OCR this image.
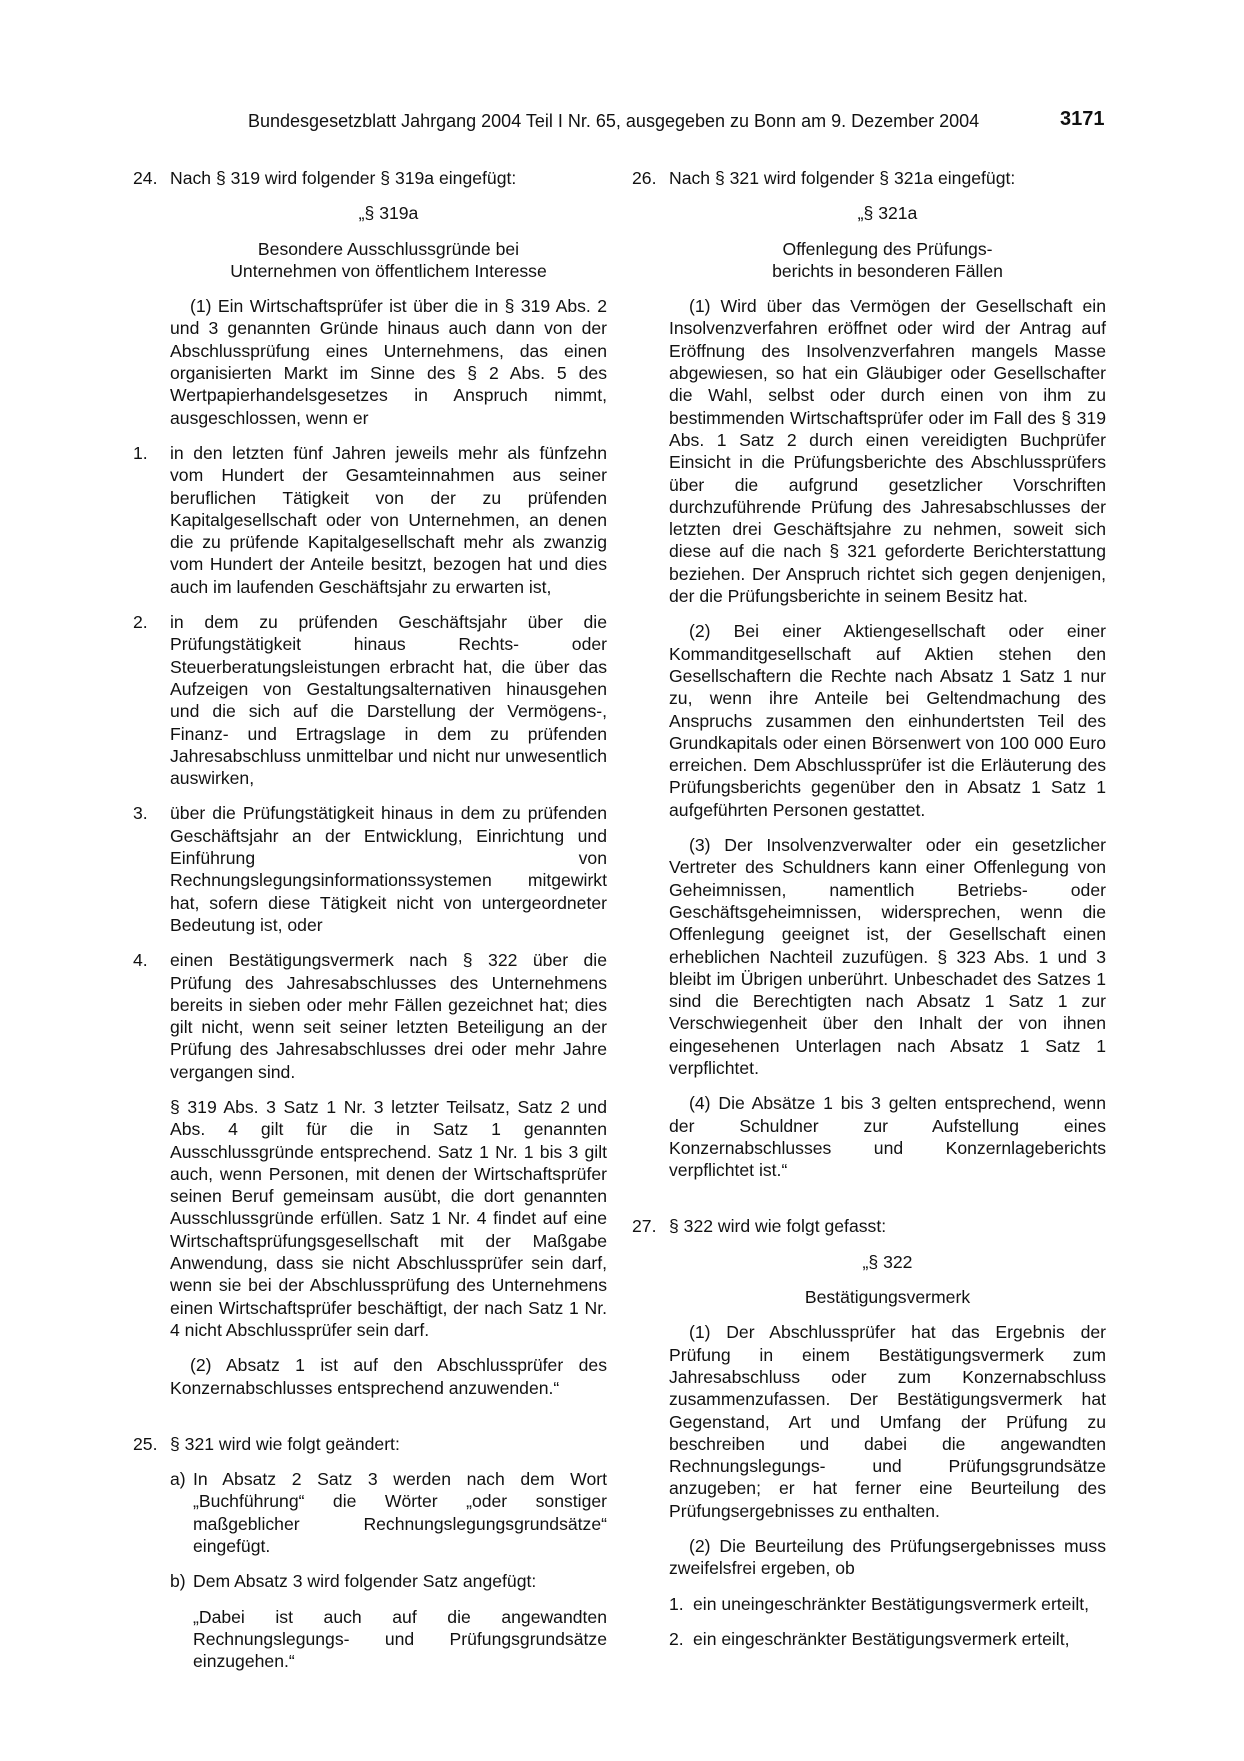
Bundesgesetzblatt Jahrgang 2004 Teil I Nr. 65, ausgegeben zu Bonn am 9. Dezember 2004	3171
24. Nach § 319 wird folgender § 319a eingefügt:

„§ 319a

Besondere Ausschlussgründe bei

Unternehmen von öffentlichem Interesse

(1) Ein Wirtschaftsprüfer ist über die in § 319 Abs. 2 und 3 genannten Gründe hinaus auch dann von der Abschlussprüfung eines Unternehmens, das einen organisierten Markt im Sinne des § 2 Abs. 5 des Wertpapierhandelsgesetzes in Anspruch nimmt, ausgeschlossen, wenn er

1. in den letzten fünf Jahren jeweils mehr als fünfzehn vom Hundert der Gesamteinnahmen aus seiner beruflichen Tätigkeit von der zu prüfenden Kapitalgesellschaft oder von Unternehmen, an denen die zu prüfende Kapitalgesellschaft mehr als zwanzig vom Hundert der Anteile besitzt, bezogen hat und dies auch im laufenden Geschäftsjahr zu erwarten ist,

2. in dem zu prüfenden Geschäftsjahr über die Prüfungstätigkeit hinaus Rechts- oder Steuerberatungsleistungen erbracht hat, die über das Aufzeigen von Gestaltungsalternativen hinausgehen und die sich auf die Darstellung der Vermögens-, Finanz- und Ertragslage in dem zu prüfenden Jahresabschluss unmittelbar und nicht nur unwesentlich auswirken,

3. über die Prüfungstätigkeit hinaus in dem zu prüfenden Geschäftsjahr an der Entwicklung, Einrichtung und Einführung von Rechnungslegungsinformationssystemen mitgewirkt hat, sofern diese Tätigkeit nicht von untergeordneter Bedeutung ist, oder

4. einen Bestätigungsvermerk nach § 322 über die Prüfung des Jahresabschlusses des Unternehmens bereits in sieben oder mehr Fällen gezeichnet hat; dies gilt nicht, wenn seit seiner letzten Beteiligung an der Prüfung des Jahresabschlusses drei oder mehr Jahre vergangen sind.

§ 319 Abs. 3 Satz 1 Nr. 3 letzter Teilsatz, Satz 2 und Abs. 4 gilt für die in Satz 1 genannten Ausschlussgründe entsprechend. Satz 1 Nr. 1 bis 3 gilt auch, wenn Personen, mit denen der Wirtschaftsprüfer seinen Beruf gemeinsam ausübt, die dort genannten Ausschlussgründe erfüllen. Satz 1 Nr. 4 findet auf eine Wirtschaftsprüfungsgesellschaft mit der Maßgabe Anwendung, dass sie nicht Abschlussprüfer sein darf, wenn sie bei der Abschlussprüfung des Unternehmens einen Wirtschaftsprüfer beschäftigt, der nach Satz 1 Nr. 4 nicht Abschlussprüfer sein darf.

(2) Absatz 1 ist auf den Abschlussprüfer des Konzernabschlusses entsprechend anzuwenden.“

25. § 321 wird wie folgt geändert:

a) In Absatz 2 Satz 3 werden nach dem Wort „Buchführung“ die Wörter „oder sonstiger maßgeblicher Rechnungslegungsgrundsätze“ eingefügt.

b) Dem Absatz 3 wird folgender Satz angefügt:

„Dabei ist auch auf die angewandten Rechnungslegungs- und Prüfungsgrundsätze einzugehen.“

26. Nach § 321 wird folgender § 321a eingefügt:

„§ 321a

Offenlegung des Prüfungs-

berichts in besonderen Fällen

(1) Wird über das Vermögen der Gesellschaft ein Insolvenzverfahren eröffnet oder wird der Antrag auf Eröffnung des Insolvenzverfahren mangels Masse abgewiesen, so hat ein Gläubiger oder Gesellschafter die Wahl, selbst oder durch einen von ihm zu bestimmenden Wirtschaftsprüfer oder im Fall des § 319 Abs. 1 Satz 2 durch einen vereidigten Buchprüfer Einsicht in die Prüfungsberichte des Abschlussprüfers über die aufgrund gesetzlicher Vorschriften durchzuführende Prüfung des Jahresabschlusses der letzten drei Geschäftsjahre zu nehmen, soweit sich diese auf die nach § 321 geforderte Berichterstattung beziehen. Der Anspruch richtet sich gegen denjenigen, der die Prüfungsberichte in seinem Besitz hat.

(2) Bei einer Aktiengesellschaft oder einer Kommanditgesellschaft auf Aktien stehen den Gesellschaftern die Rechte nach Absatz 1 Satz 1 nur zu, wenn ihre Anteile bei Geltendmachung des Anspruchs zusammen den einhundertsten Teil des Grundkapitals oder einen Börsenwert von 100 000 Euro erreichen. Dem Abschlussprüfer ist die Erläuterung des Prüfungsberichts gegenüber den in Absatz 1 Satz 1 aufgeführten Personen gestattet.

(3) Der Insolvenzverwalter oder ein gesetzlicher Vertreter des Schuldners kann einer Offenlegung von Geheimnissen, namentlich Betriebs- oder Geschäftsgeheimnissen, widersprechen, wenn die Offenlegung geeignet ist, der Gesellschaft einen erheblichen Nachteil zuzufügen. § 323 Abs. 1 und 3 bleibt im Übrigen unberührt. Unbeschadet des Satzes 1 sind die Berechtigten nach Absatz 1 Satz 1 zur Verschwiegenheit über den Inhalt der von ihnen eingesehenen Unterlagen nach Absatz 1 Satz 1 verpflichtet.

(4) Die Absätze 1 bis 3 gelten entsprechend, wenn der Schuldner zur Aufstellung eines Konzernabschlusses und Konzernlageberichts verpflichtet ist.“

27. § 322 wird wie folgt gefasst:

„§ 322

Bestätigungsvermerk

(1) Der Abschlussprüfer hat das Ergebnis der Prüfung in einem Bestätigungsvermerk zum Jahresabschluss oder zum Konzernabschluss zusammenzufassen. Der Bestätigungsvermerk hat Gegenstand, Art und Umfang der Prüfung zu beschreiben und dabei die angewandten Rechnungslegungs- und Prüfungsgrundsätze anzugeben; er hat ferner eine Beurteilung des Prüfungsergebnisses zu enthalten.

(2) Die Beurteilung des Prüfungsergebnisses muss zweifelsfrei ergeben, ob

1. ein uneingeschränkter Bestätigungsvermerk erteilt,

2. ein eingeschränkter Bestätigungsvermerk erteilt,
